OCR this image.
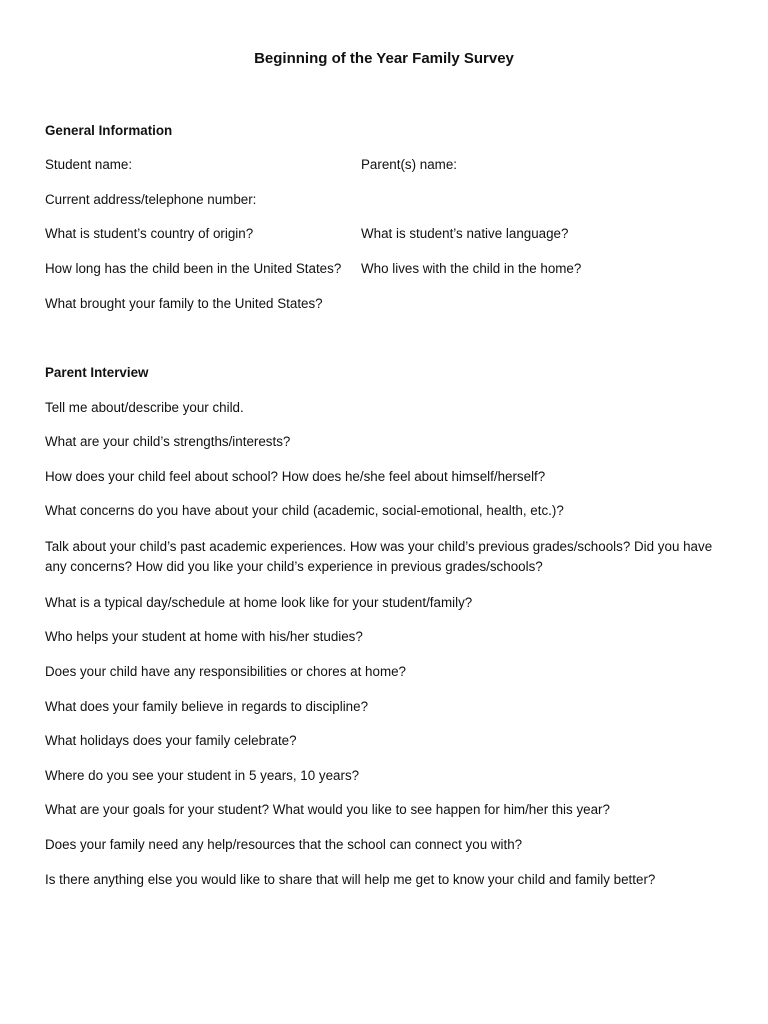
Beginning of the Year Family Survey
General Information
Student name:	Parent(s) name:
Current address/telephone number:
What is student’s country of origin?	What is student’s native language?
How long has the child been in the United States? Who lives with the child in the home?
What brought your family to the United States?
Parent Interview
Tell me about/describe your child.
What are your child’s strengths/interests?
How does your child feel about school? How does he/she feel about himself/herself?
What concerns do you have about your child (academic, social-emotional, health, etc.)?
Talk about your child’s past academic experiences. How was your child’s previous grades/schools? Did you have any concerns? How did you like your child’s experience in previous grades/schools?
What is a typical day/schedule at home look like for your student/family?
Who helps your student at home with his/her studies?
Does your child have any responsibilities or chores at home?
What does your family believe in regards to discipline?
What holidays does your family celebrate?
Where do you see your student in 5 years, 10 years?
What are your goals for your student? What would you like to see happen for him/her this year?
Does your family need any help/resources that the school can connect you with?
Is there anything else you would like to share that will help me get to know your child and family better?
